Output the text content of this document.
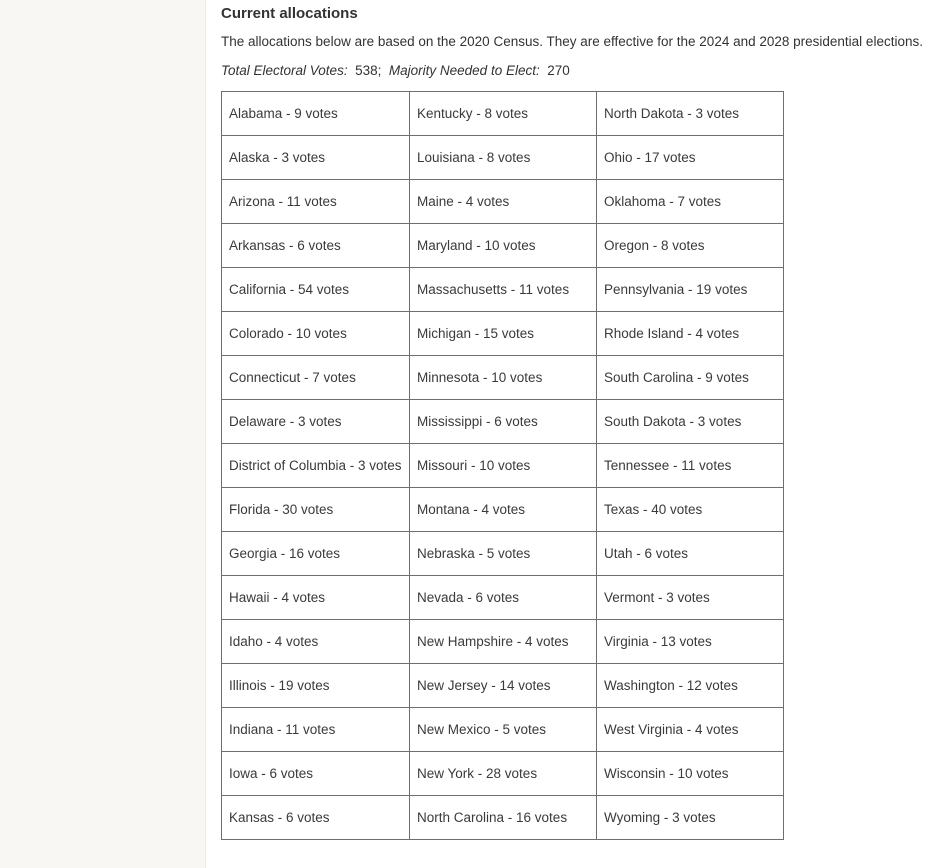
Current allocations
The allocations below are based on the 2020 Census. They are effective for the 2024 and 2028 presidential elections.
Total Electoral Votes: 538; Majority Needed to Elect: 270
Alabama - 9 votes	Kentucky - 8 votes	North Dakota - 3 votes
Alaska - 3 votes	Louisiana - 8 votes	Ohio - 17 votes
Arizona - 11 votes	Maine - 4 votes	Oklahoma - 7 votes
Arkansas - 6 votes	Maryland - 10 votes	Oregon - 8 votes
California - 54 votes	Massachusetts - 11 votes	Pennsylvania - 19 votes
Colorado - 10 votes	Michigan - 15 votes	Rhode Island - 4 votes
Connecticut - 7 votes	Minnesota - 10 votes	South Carolina - 9 votes
Delaware - 3 votes	Mississippi - 6 votes	South Dakota - 3 votes
District of Columbia - 3 votes	Missouri - 10 votes	Tennessee - 11 votes
Florida - 30 votes	Montana - 4 votes	Texas - 40 votes
Georgia - 16 votes	Nebraska - 5 votes	Utah - 6 votes
Hawaii - 4 votes	Nevada - 6 votes	Vermont - 3 votes
Idaho - 4 votes	New Hampshire - 4 votes	Virginia - 13 votes
Illinois - 19 votes	New Jersey - 14 votes	Washington - 12 votes
Indiana - 11 votes	New Mexico - 5 votes	West Virginia - 4 votes
Iowa - 6 votes	New York - 28 votes	Wisconsin - 10 votes
Kansas - 6 votes	North Carolina - 16 votes	Wyoming - 3 votes
